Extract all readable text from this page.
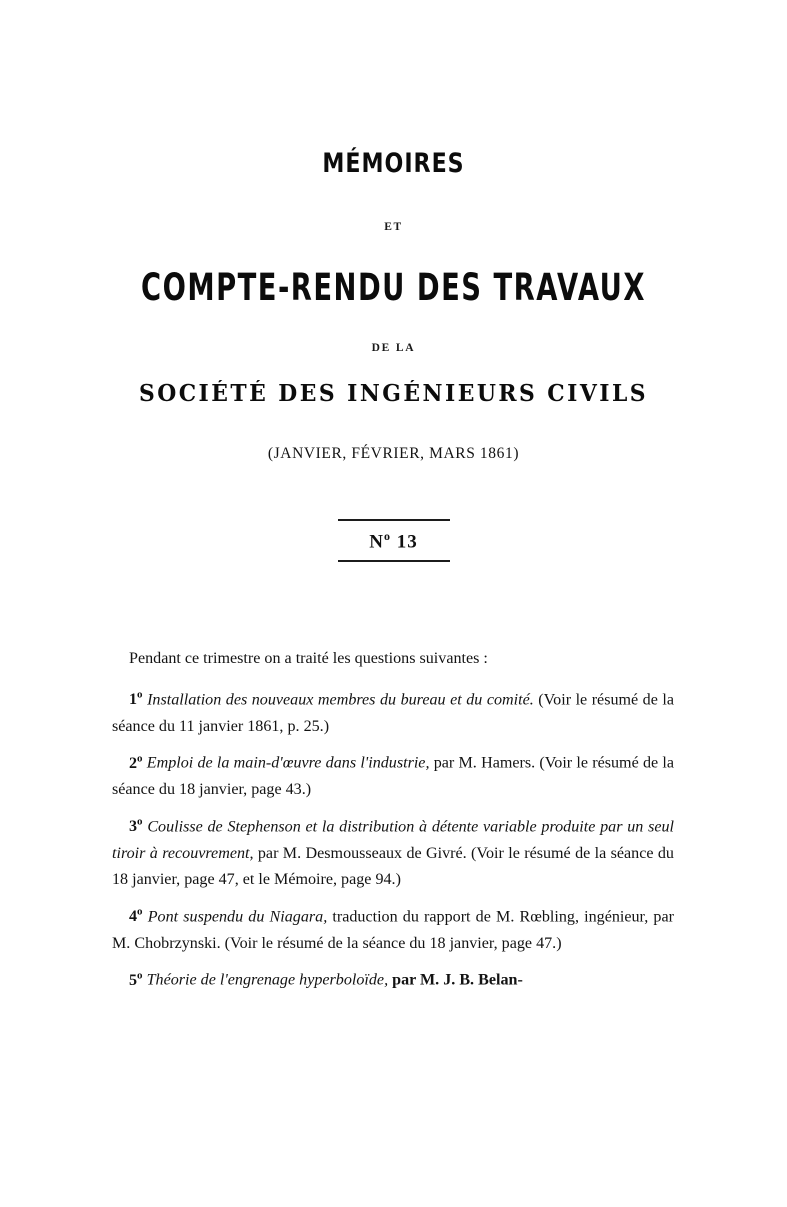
MÉMOIRES
ET
COMPTE-RENDU DES TRAVAUX
DE LA
SOCIÉTÉ DES INGÉNIEURS CIVILS
(JANVIER, FÉVRIER, MARS 1861)
$N^o$ 13

Pendant ce trimestre on a traité les questions suivantes :

1$^o$ Installation des nouveaux membres du bureau et du comité. (Voir le résumé de la séance du 11 janvier 1861, p. 25.)

2$^o$ Emploi de la main-d'œuvre dans l'industrie, par M. Hamers. (Voir le résumé de la séance du 18 janvier, page 43.)

3$^o$ Coulisse de Stephenson et la distribution à détente variable produite par un seul tiroir à recouvrement, par M. Desmousseaux de Givré. (Voir le résumé de la séance du 18 janvier, page 47, et le Mémoire, page 94.)

4$^o$ Pont suspendu du Niagara, traduction du rapport de M. Rœbling, ingénieur, par M. Chobrzynski. (Voir le résumé de la séance du 18 janvier, page 47.)

5$^o$ Théorie de l'engrenage hyperboloïde, par M. J. B. Belan-
